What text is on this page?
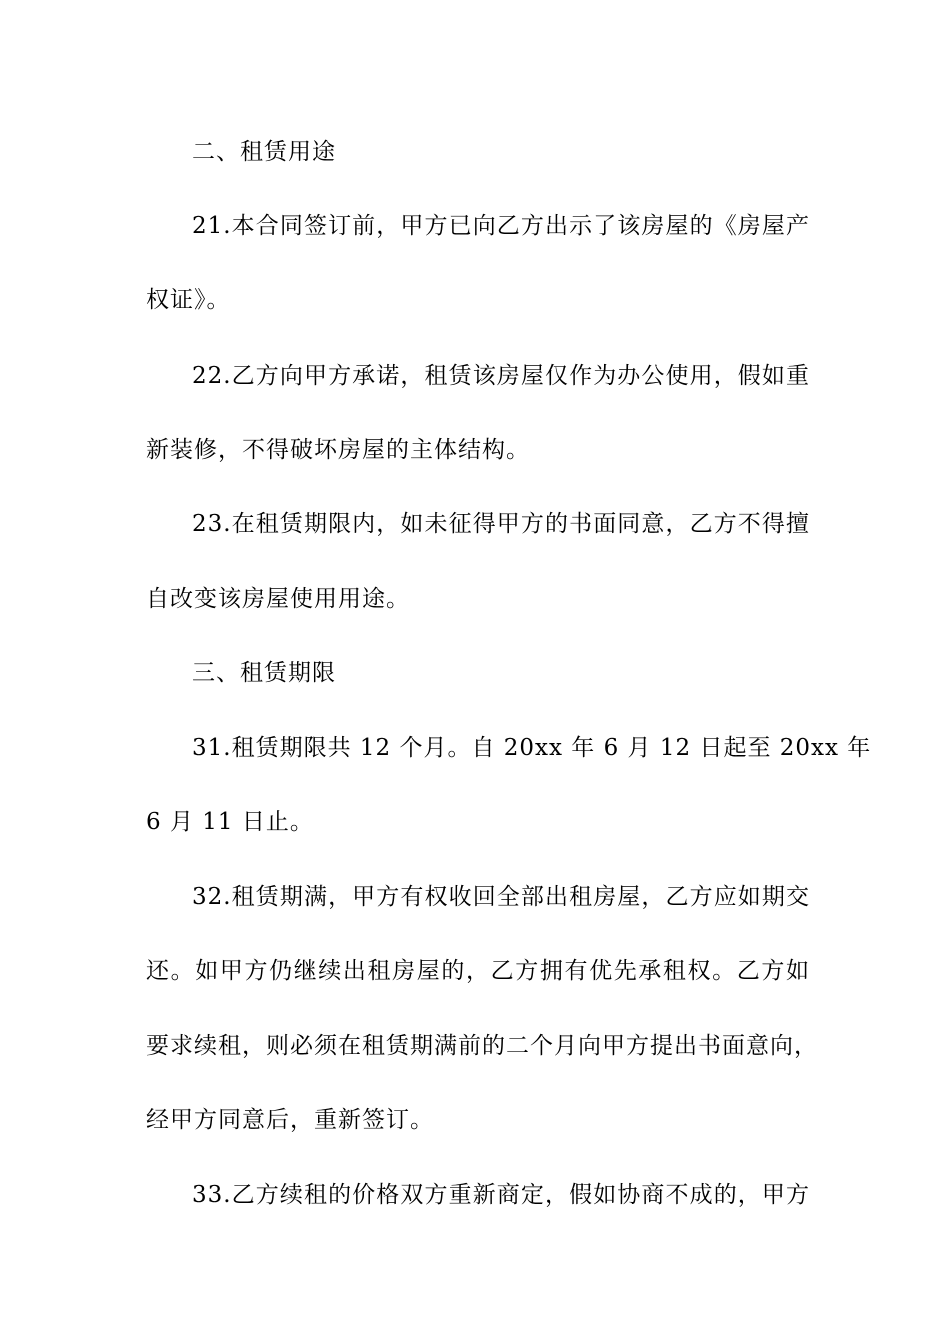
二、租赁用途
21.本合同签订前，甲方已向乙方出示了该房屋的《房屋产
权证》。
22.乙方向甲方承诺，租赁该房屋仅作为办公使用，假如重
新装修，不得破坏房屋的主体结构。
23.在租赁期限内，如未征得甲方的书面同意，乙方不得擅
自改变该房屋使用用途。
三、租赁期限
31.租赁期限共 12 个月。自 20xx 年 6 月 12 日起至 20xx 年
6 月 11 日止。
32.租赁期满，甲方有权收回全部出租房屋，乙方应如期交
还。如甲方仍继续出租房屋的，乙方拥有优先承租权。乙方如
要求续租，则必须在租赁期满前的二个月向甲方提出书面意向，
经甲方同意后，重新签订。
33.乙方续租的价格双方重新商定，假如协商不成的，甲方
